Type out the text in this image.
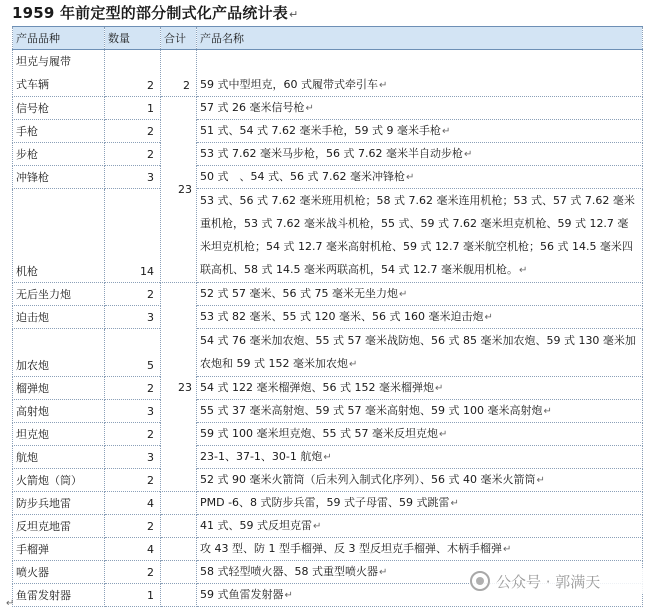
1959 年前定型的部分制式化产品统计表↵
产品品种	数量	合计	产品名称
坦克与履带
式车辆	2	2	59 式中型坦克，60 式履带式牵引车↵
信号枪	1	23	57 式 26 毫米信号枪↵
手枪	2		51 式、54 式 7.62 毫米手枪，59 式 9 毫米手枪↵
步枪	2		53 式 7.62 毫米马步枪，56 式 7.62 毫米半自动步枪↵
冲锋枪	3		50 式　、54 式、56 式 7.62 毫米冲锋枪↵
机枪	14		53 式、56 式 7.62 毫米班用机枪；58 式 7.62 毫米连用机枪；53 式、57 式 7.62 毫米重机枪，53 式 7.62 毫米战斗机枪，55 式、59 式 7.62 毫米坦克机枪、59 式 12.7 毫米坦克机枪；54 式 12.7 毫米高射机枪、59 式 12.7 毫米航空机枪；56 式 14.5 毫米四联高机、58 式 14.5 毫米两联高机，54 式 12.7 毫米舰用机枪。↵
无后坐力炮	2	23	52 式 57 毫米、56 式 75 毫米无坐力炮↵
迫击炮	3		53 式 82 毫米、55 式 120 毫米、56 式 160 毫米迫击炮↵
加农炮	5		54 式 76 毫米加农炮、55 式 57 毫米战防炮、56 式 85 毫米加农炮、59 式 130 毫米加农炮和 59 式 152 毫米加农炮↵
榴弹炮	2		54 式 122 毫米榴弹炮、56 式 152 毫米榴弹炮↵
高射炮	3		55 式 37 毫米高射炮、59 式 57 毫米高射炮、59 式 100 毫米高射炮↵
坦克炮	2		59 式 100 毫米坦克炮、55 式 57 毫米反坦克炮↵
航炮	3		23-1、37-1、30-1 航炮↵
火箭炮（筒）	2		52 式 90 毫米火箭筒（后未列入制式化序列）、56 式 40 毫米火箭筒↵
防步兵地雷	4		PMD -6、8 式防步兵雷，59 式子母雷、59 式跳雷↵
反坦克地雷	2		41 式、59 式反坦克雷↵
手榴弹	4		攻 43 型、防 1 型手榴弹、反 3 型反坦克手榴弹、木柄手榴弹↵
喷火器	2		58 式轻型喷火器、58 式重型喷火器↵
鱼雷发射器	1		59 式鱼雷发射器↵
公众号 · 郭满天
↵
